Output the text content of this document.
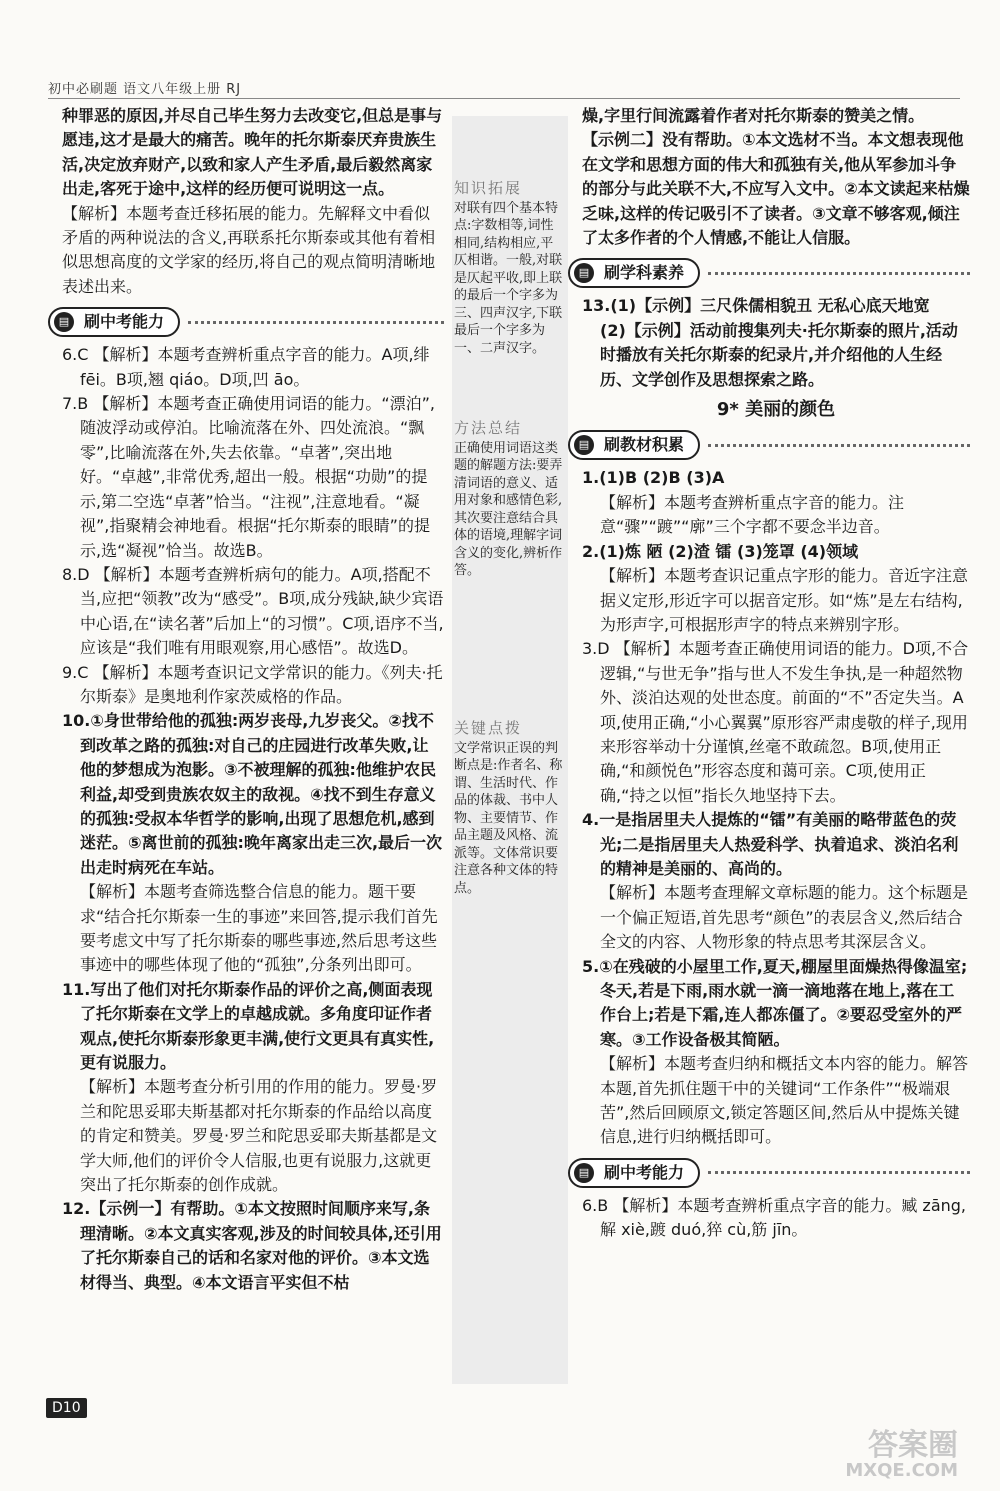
初中必刷题 语文八年级上册 RJ
知识拓展
对联有四个基本特点:字数相等,词性相同,结构相应,平仄相谐。一般,对联是仄起平收,即上联的最后一个字多为三、四声汉字,下联最后一个字多为一、二声汉字。
方法总结
正确使用词语这类题的解题方法:要弄清词语的意义、适用对象和感情色彩,其次要注意结合具体的语境,理解字词含义的变化,辨析作答。
关键点拨
文学常识正误的判断点是:作者名、称谓、生活时代、作品的体裁、书中人物、主要情节、作品主题及风格、流派等。文体常识要注意各种文体的特点。

种罪恶的原因,并尽自己毕生努力去改变它,但总是事与愿违,这才是最大的痛苦。晚年的托尔斯泰厌弃贵族生活,决定放弃财产,以致和家人产生矛盾,最后毅然离家出走,客死于途中,这样的经历便可说明这一点。

【解析】本题考查迁移拓展的能力。先解释文中看似矛盾的两种说法的含义,再联系托尔斯泰或其他有着相似思想高度的文学家的经历,将自己的观点简明清晰地表述出来。

▤ 刷中考能力

6.C 【解析】本题考查辨析重点字音的能力。A项,绯 fēi。B项,翘 qiáo。D项,凹 āo。

7.B 【解析】本题考查正确使用词语的能力。“漂泊”,随波浮动或停泊。比喻流落在外、四处流浪。“飘零”,比喻流落在外,失去依靠。“卓著”,突出地好。“卓越”,非常优秀,超出一般。根据“功勋”的提示,第二空选“卓著”恰当。“注视”,注意地看。“凝视”,指聚精会神地看。根据“托尔斯泰的眼睛”的提示,选“凝视”恰当。故选B。

8.D 【解析】本题考查辨析病句的能力。A项,搭配不当,应把“领教”改为“感受”。B项,成分残缺,缺少宾语中心语,在“读名著”后加上“的习惯”。C项,语序不当,应该是“我们唯有用眼观察,用心感悟”。故选D。

9.C 【解析】本题考查识记文学常识的能力。《列夫·托尔斯泰》是奥地利作家茨威格的作品。

10.①身世带给他的孤独:两岁丧母,九岁丧父。②找不到改革之路的孤独:对自己的庄园进行改革失败,让他的梦想成为泡影。③不被理解的孤独:他维护农民利益,却受到贵族农奴主的敌视。④找不到生存意义的孤独:受叔本华哲学的影响,出现了思想危机,感到迷茫。⑤离世前的孤独:晚年离家出走三次,最后一次出走时病死在车站。

【解析】本题考查筛选整合信息的能力。题干要求“结合托尔斯泰一生的事迹”来回答,提示我们首先要考虑文中写了托尔斯泰的哪些事迹,然后思考这些事迹中的哪些体现了他的“孤独”,分条列出即可。

11.写出了他们对托尔斯泰作品的评价之高,侧面表现了托尔斯泰在文学上的卓越成就。多角度印证作者观点,使托尔斯泰形象更丰满,使行文更具有真实性,更有说服力。

【解析】本题考查分析引用的作用的能力。罗曼·罗兰和陀思妥耶夫斯基都对托尔斯泰的作品给以高度的肯定和赞美。罗曼·罗兰和陀思妥耶夫斯基都是文学大师,他们的评价令人信服,也更有说服力,这就更突出了托尔斯泰的创作成就。

12.【示例一】有帮助。①本文按照时间顺序来写,条理清晰。②本文真实客观,涉及的时间较具体,还引用了托尔斯泰自己的话和名家对他的评价。③本文选材得当、典型。④本文语言平实但不枯

燥,字里行间流露着作者对托尔斯泰的赞美之情。

【示例二】没有帮助。①本文选材不当。本文想表现他在文学和思想方面的伟大和孤独有关,他从军参加斗争的部分与此关联不大,不应写入文中。②本文读起来枯燥乏味,这样的传记吸引不了读者。③文章不够客观,倾注了太多作者的个人情感,不能让人信服。

▤ 刷学科素养

13.(1)【示例】三尺侏儒相貌丑 无私心底天地宽

(2)【示例】活动前搜集列夫·托尔斯泰的照片,活动时播放有关托尔斯泰的纪录片,并介绍他的人生经历、文学创作及思想探索之路。

9* 美丽的颜色
▤ 刷教材积累

1.(1)B (2)B (3)A

【解析】本题考查辨析重点字音的能力。注意“骤”“踱”“廓”三个字都不要念半边音。

2.(1)炼 陋 (2)渣 镭 (3)笼罩 (4)领域

【解析】本题考查识记重点字形的能力。音近字注意据义定形,形近字可以据音定形。如“炼”是左右结构,为形声字,可根据形声字的特点来辨别字形。

3.D 【解析】本题考查正确使用词语的能力。D项,不合逻辑,“与世无争”指与世人不发生争执,是一种超然物外、淡泊达观的处世态度。前面的“不”否定失当。A项,使用正确,“小心翼翼”原形容严肃虔敬的样子,现用来形容举动十分谨慎,丝毫不敢疏忽。B项,使用正确,“和颜悦色”形容态度和蔼可亲。C项,使用正确,“持之以恒”指长久地坚持下去。

4.一是指居里夫人提炼的“镭”有美丽的略带蓝色的荧光;二是指居里夫人热爱科学、执着追求、淡泊名利的精神是美丽的、高尚的。

【解析】本题考查理解文章标题的能力。这个标题是一个偏正短语,首先思考“颜色”的表层含义,然后结合全文的内容、人物形象的特点思考其深层含义。

5.①在残破的小屋里工作,夏天,棚屋里面燥热得像温室;冬天,若是下雨,雨水就一滴一滴地落在地上,落在工作台上;若是下霜,连人都冻僵了。②要忍受室外的严寒。③工作设备极其简陋。

【解析】本题考查归纳和概括文本内容的能力。解答本题,首先抓住题干中的关键词“工作条件”“极端艰苦”,然后回顾原文,锁定答题区间,然后从中提炼关键信息,进行归纳概括即可。

▤ 刷中考能力

6.B 【解析】本题考查辨析重点字音的能力。臧 zāng,解 xiè,踱 duó,猝 cù,筋 jīn。

D10
答案圈
MXQE.COM
